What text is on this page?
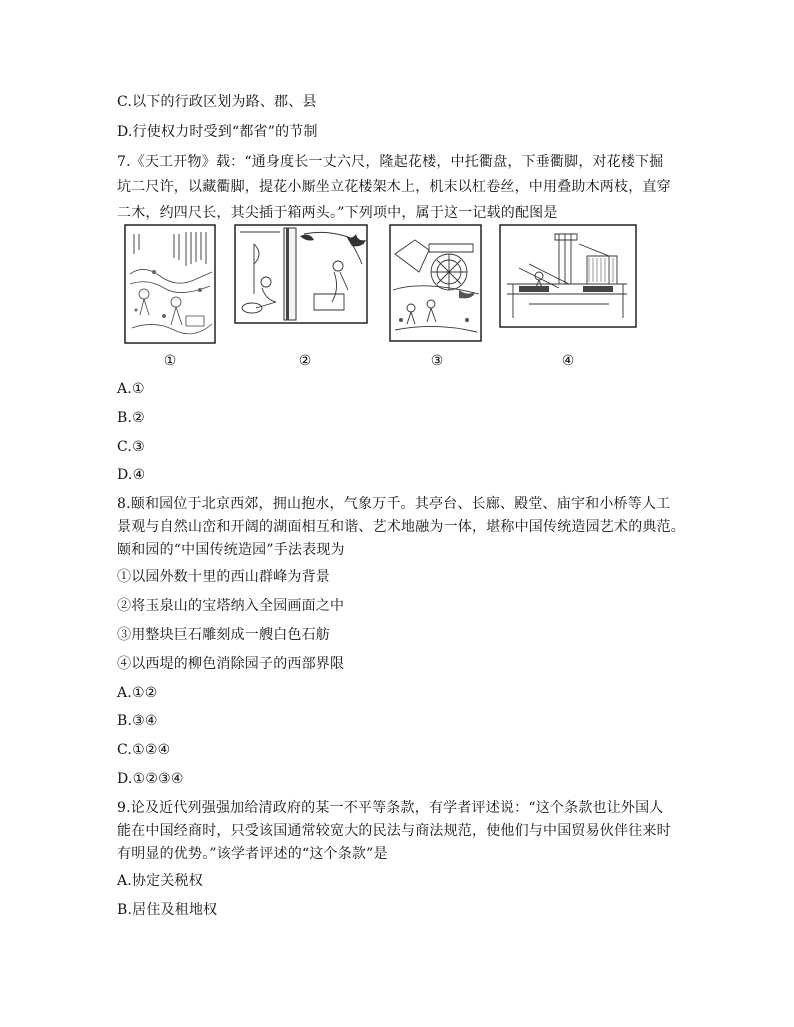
C.以下的行政区划为路、郡、县
D.行使权力时受到“都省”的节制
7.《天工开物》载：“通身度长一丈六尺，隆起花楼，中托衢盘，下垂衢脚，对花楼下掘
坑二尺许，以藏衢脚，提花小厮坐立花楼架木上，机末以杠卷丝，中用叠助木两枝，直穿
二木，约四尺长，其尖插于箱两头。”下列项中，属于这一记载的配图是
①	②	③	④
A.①
B.②
C.③
D.④
8.颐和园位于北京西郊，拥山抱水，气象万千。其亭台、长廊、殿堂、庙宇和小桥等人工
景观与自然山峦和开阔的湖面相互和谐、艺术地融为一体，堪称中国传统造园艺术的典范。
颐和园的“中国传统造园”手法表现为
①以园外数十里的西山群峰为背景
②将玉泉山的宝塔纳入全园画面之中
③用整块巨石雕刻成一艘白色石舫
④以西堤的柳色消除园子的西部界限
A.①②
B.③④
C.①②④
D.①②③④
9.论及近代列强强加给清政府的某一不平等条款，有学者评述说：“这个条款也让外国人
能在中国经商时，只受该国通常较宽大的民法与商法规范，使他们与中国贸易伙伴往来时
有明显的优势。”该学者评述的“这个条款”是
A.协定关税权
B.居住及租地权
